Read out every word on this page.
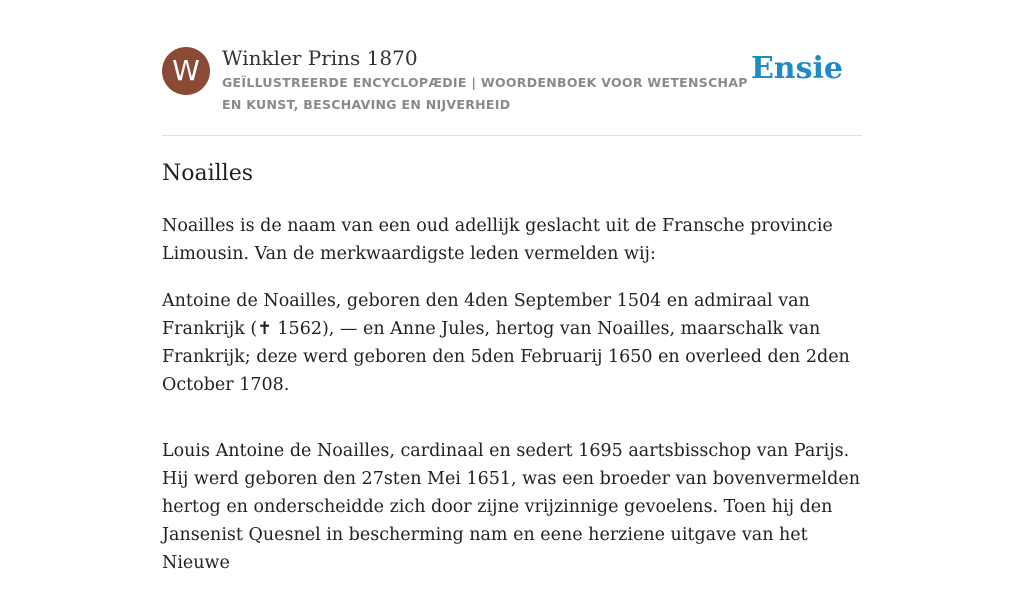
W	Winkler Prins 1870
GEÏLLUSTREERDE ENCYCLOPÆDIE | WOORDENBOEK VOOR WETENSCHAP EN KUNST, BESCHAVING EN NIJVERHEID
Ensie
Noailles

Noailles is de naam van een oud adellijk geslacht uit de Fransche provincie Limousin. Van de merkwaardigste leden vermelden wij:

Antoine de Noailles, geboren den 4den September 1504 en admiraal van Frankrijk (✝ 1562), — en Anne Jules, hertog van Noailles, maarschalk van Frankrijk; deze werd geboren den 5den Februarij 1650 en overleed den 2den October 1708.

Louis Antoine de Noailles, cardinaal en sedert 1695 aartsbisschop van Parijs. Hij werd geboren den 27sten Mei 1651, was een broeder van bovenvermelden hertog en onderscheidde zich door zijne vrijzinnige gevoelens. Toen hij den Jansenist Quesnel in bescherming nam en eene herziene uitgave van het Nieuwe
